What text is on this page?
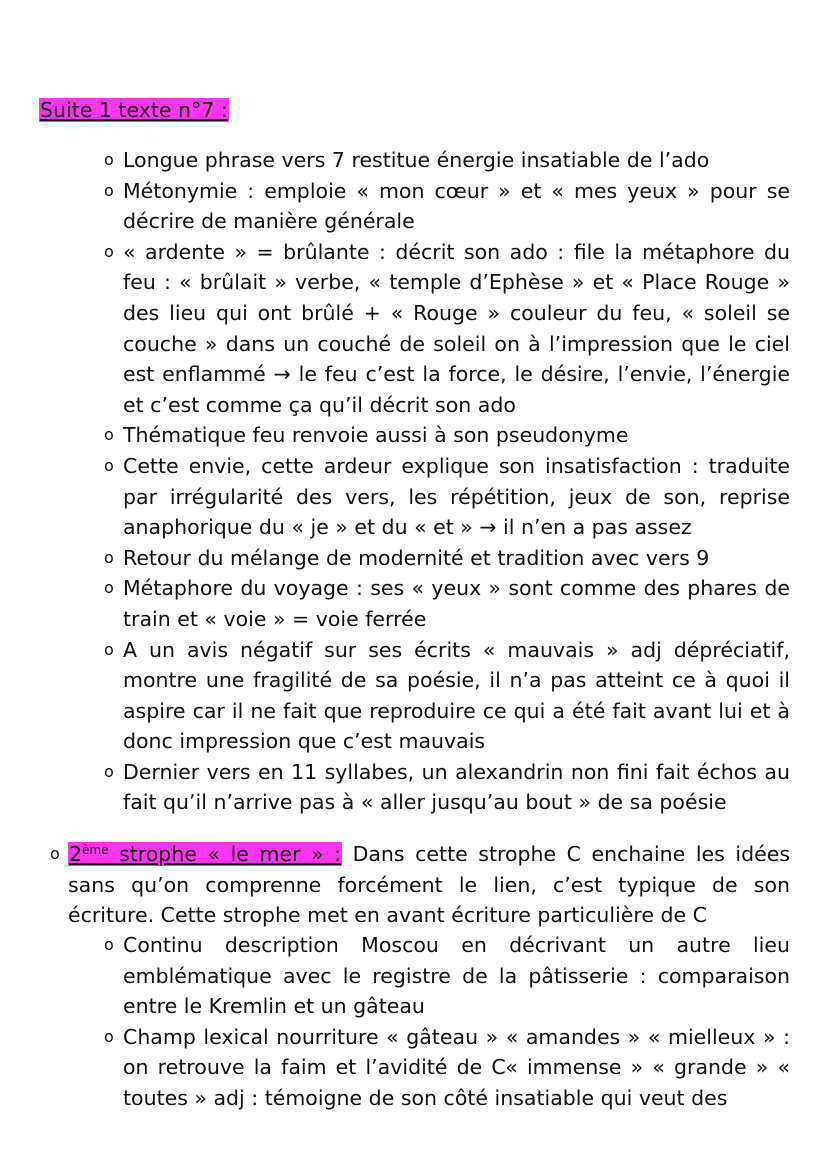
Suite 1 texte n°7 :
o Longue phrase vers 7 restitue énergie insatiable de l’ado
o Métonymie : emploie « mon cœur » et « mes yeux » pour se décrire de manière générale
o « ardente » = brûlante : décrit son ado : file la métaphore du feu : « brûlait » verbe, « temple d’Ephèse » et « Place Rouge » des lieu qui ont brûlé + « Rouge » couleur du feu, « soleil se couche » dans un couché de soleil on à l’impression que le ciel est enflammé → le feu c’est la force, le désire, l’envie, l’énergie et c’est comme ça qu’il décrit son ado
o Thématique feu renvoie aussi à son pseudonyme
o Cette envie, cette ardeur explique son insatisfaction : traduite par irrégularité des vers, les répétition, jeux de son, reprise anaphorique du « je » et du « et » → il n’en a pas assez
o Retour du mélange de modernité et tradition avec vers 9
o Métaphore du voyage : ses « yeux » sont comme des phares de train et « voie » = voie ferrée
o A un avis négatif sur ses écrits « mauvais » adj dépréciatif, montre une fragilité de sa poésie, il n’a pas atteint ce à quoi il aspire car il ne fait que reproduire ce qui a été fait avant lui et à donc impression que c’est mauvais
o Dernier vers en 11 syllabes, un alexandrin non fini fait échos au fait qu’il n’arrive pas à « aller jusqu’au bout » de sa poésie
o 2ème strophe « le mer » : Dans cette strophe C enchaine les idées sans qu’on comprenne forcément le lien, c’est typique de son écriture. Cette strophe met en avant écriture particulière de C
o Continu description Moscou en décrivant un autre lieu emblématique avec le registre de la pâtisserie : comparaison entre le Kremlin et un gâteau
o Champ lexical nourriture « gâteau » « amandes » « mielleux » : on retrouve la faim et l’avidité de C« immense » « grande » « toutes » adj : témoigne de son côté insatiable qui veut des
